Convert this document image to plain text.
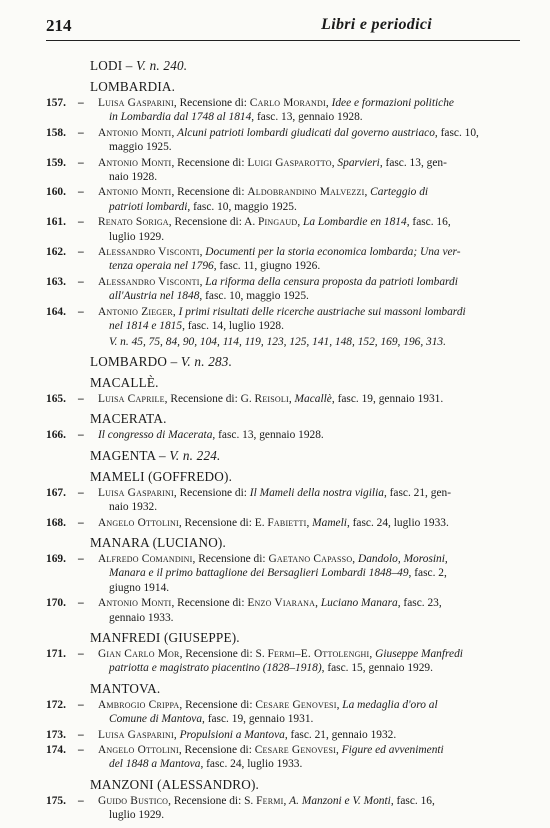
214	Libri e periodici
LODI – V. n. 240.
LOMBARDIA.
157. – Luisa Gasparini, Recensione di: Carlo Morandi, Idee e formazioni politiche
in Lombardia dal 1748 al 1814, fasc. 13, gennaio 1928.
158. – Antonio Monti, Alcuni patrioti lombardi giudicati dal governo austriaco, fasc. 10,
maggio 1925.
159. – Antonio Monti, Recensione di: Luigi Gasparotto, Sparvieri, fasc. 13, gen-
naio 1928.
160. – Antonio Monti, Recensione di: Aldobrandino Malvezzi, Carteggio di
patrioti lombardi, fasc. 10, maggio 1925.
161. – Renato Soriga, Recensione di: A. Pingaud, La Lombardie en 1814, fasc. 16,
luglio 1929.
162. – Alessandro Visconti, Documenti per la storia economica lombarda; Una ver-
tenza operaia nel 1796, fasc. 11, giugno 1926.
163. – Alessandro Visconti, La riforma della censura proposta da patrioti lombardi
all'Austria nel 1848, fasc. 10, maggio 1925.
164. – Antonio Zieger, I primi risultati delle ricerche austriache sui massoni lombardi
nel 1814 e 1815, fasc. 14, luglio 1928.
V. n. 45, 75, 84, 90, 104, 114, 119, 123, 125, 141, 148, 152, 169, 196, 313.
LOMBARDO – V. n. 283.
MACALLÈ.
165. – Luisa Caprile, Recensione di: G. Reisoli, Macallè, fasc. 19, gennaio 1931.
MACERATA.
166. – Il congresso di Macerata, fasc. 13, gennaio 1928.
MAGENTA – V. n. 224.
MAMELI (GOFFREDO).
167. – Luisa Gasparini, Recensione di: Il Mameli della nostra vigilia, fasc. 21, gen-
naio 1932.
168. – Angelo Ottolini, Recensione di: E. Fabietti, Mameli, fasc. 24, luglio 1933.
MANARA (LUCIANO).
169. – Alfredo Comandini, Recensione di: Gaetano Capasso, Dandolo, Morosini,
Manara e il primo battaglione dei Bersaglieri Lombardi 1848–49, fasc. 2,
giugno 1914.
170. – Antonio Monti, Recensione di: Enzo Viarana, Luciano Manara, fasc. 23,
gennaio 1933.
MANFREDI (GIUSEPPE).
171. – Gian Carlo Mor, Recensione di: S. Fermi–E. Ottolenghi, Giuseppe Manfredi
patriotta e magistrato piacentino (1828–1918), fasc. 15, gennaio 1929.
MANTOVA.
172. – Ambrogio Crippa, Recensione di: Cesare Genovesi, La medaglia d'oro al
Comune di Mantova, fasc. 19, gennaio 1931.
173. – Luisa Gasparini, Propulsioni a Mantova, fasc. 21, gennaio 1932.
174. – Angelo Ottolini, Recensione di: Cesare Genovesi, Figure ed avvenimenti
del 1848 a Mantova, fasc. 24, luglio 1933.
MANZONI (ALESSANDRO).
175. – Guido Bustico, Recensione di: S. Fermi, A. Manzoni e V. Monti, fasc. 16,
luglio 1929.
